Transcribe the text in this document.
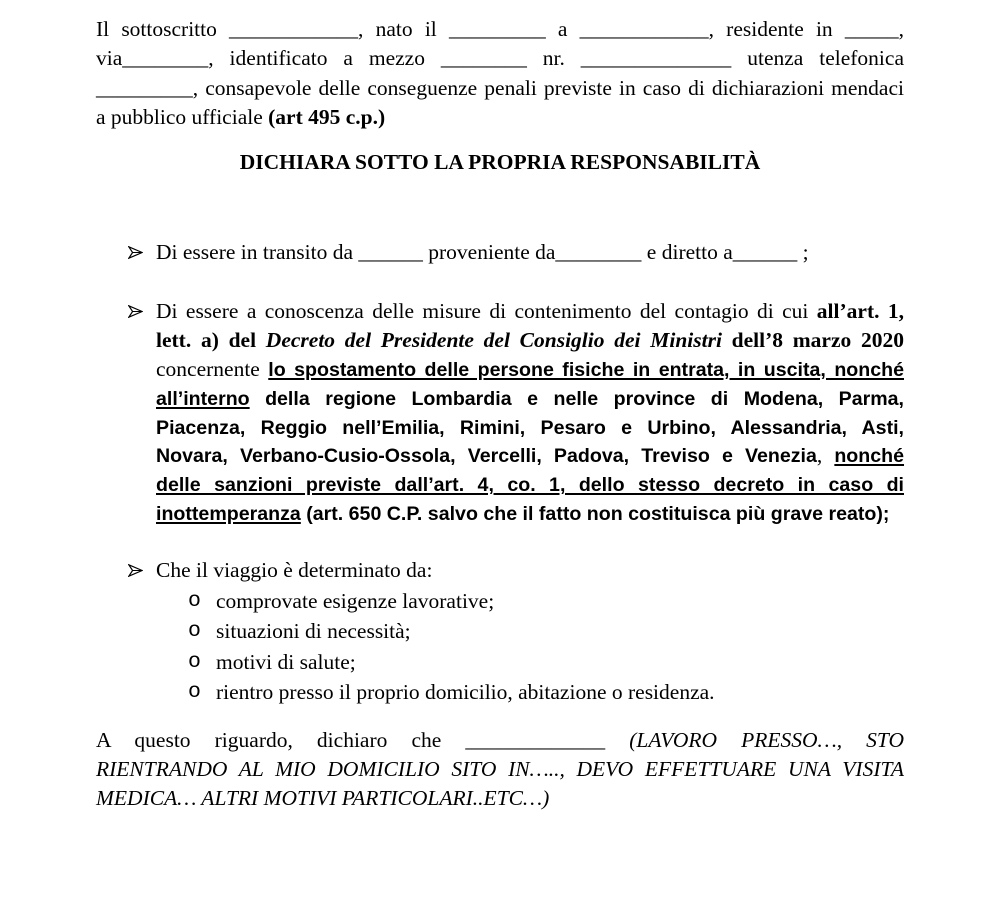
Il sottoscritto ____________, nato il _________ a ____________, residente in _____,
via________, identificato a mezzo ________ nr. ______________ utenza telefonica
_________, consapevole delle conseguenze penali previste in caso di dichiarazioni mendaci
a pubblico ufficiale (art 495 c.p.)
DICHIARA SOTTO LA PROPRIA RESPONSABILITÀ
Di essere in transito da ______ proveniente da________ e diretto a______ ;
Di essere a conoscenza delle misure di contenimento del contagio di cui all’art. 1,
lett. a) del Decreto del Presidente del Consiglio dei Ministri dell’8 marzo 2020
concernente lo spostamento delle persone fisiche in entrata, in uscita, nonché
all’interno della regione Lombardia e nelle province di Modena, Parma,
Piacenza, Reggio nell’Emilia, Rimini, Pesaro e Urbino, Alessandria, Asti,
Novara, Verbano-Cusio-Ossola, Vercelli, Padova, Treviso e Venezia, nonché
delle sanzioni previste dall’art. 4, co. 1, dello stesso decreto in caso di
inottemperanza (art. 650 C.P. salvo che il fatto non costituisca più grave reato);
Che il viaggio è determinato da:
o comprovate esigenze lavorative;
o situazioni di necessità;
o motivi di salute;
o rientro presso il proprio domicilio, abitazione o residenza.
A questo riguardo, dichiaro che _____________ (LAVORO PRESSO…, STO
RIENTRANDO AL MIO DOMICILIO SITO IN….., DEVO EFFETTUARE UNA VISITA
MEDICA… ALTRI MOTIVI PARTICOLARI..ETC…)
